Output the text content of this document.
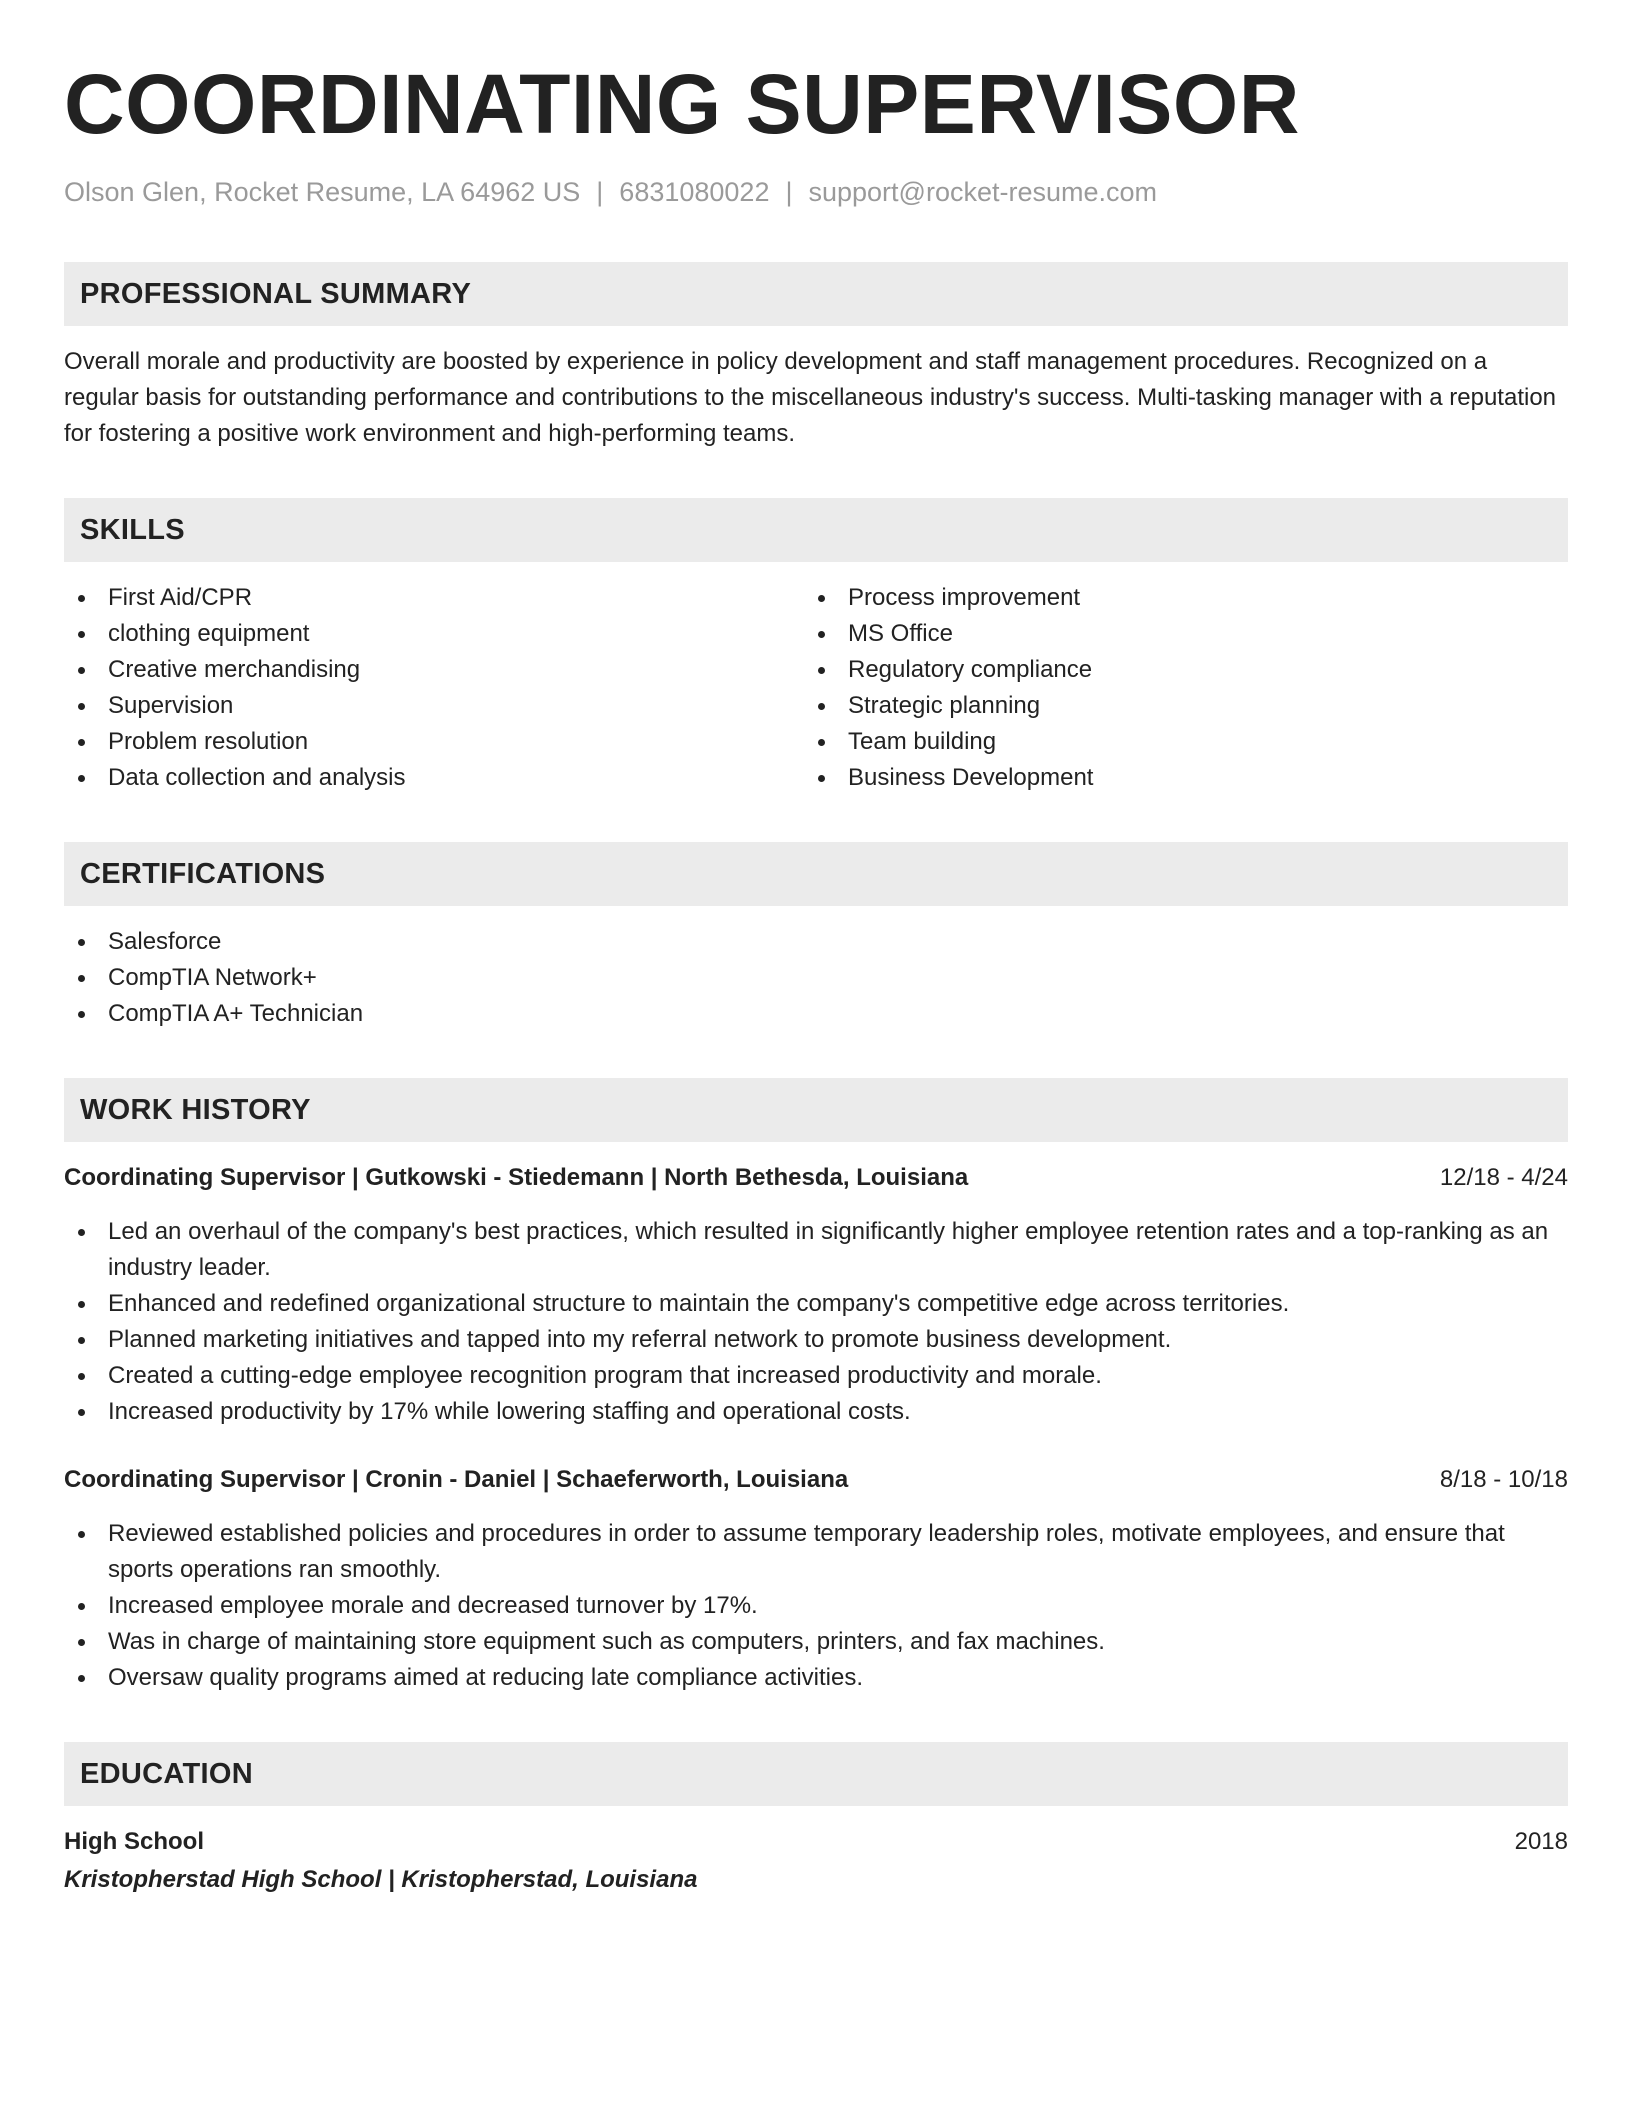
COORDINATING SUPERVISOR
Olson Glen, Rocket Resume, LA 64962 US | 6831080022 | support@rocket-resume.com
PROFESSIONAL SUMMARY

Overall morale and productivity are boosted by experience in policy development and staff management procedures. Recognized on a regular basis for outstanding performance and contributions to the miscellaneous industry's success. Multi-tasking manager with a reputation for fostering a positive work environment and high-performing teams.

SKILLS
First Aid/CPR
clothing equipment
Creative merchandising
Supervision
Problem resolution
Data collection and analysis
Process improvement
MS Office
Regulatory compliance
Strategic planning
Team building
Business Development
CERTIFICATIONS
Salesforce
CompTIA Network+
CompTIA A+ Technician
WORK HISTORY
Coordinating Supervisor | Gutkowski - Stiedemann | North Bethesda, Louisiana	12/18 - 4/24
Led an overhaul of the company's best practices, which resulted in significantly higher employee retention rates and a top-ranking as an industry leader.
Enhanced and redefined organizational structure to maintain the company's competitive edge across territories.
Planned marketing initiatives and tapped into my referral network to promote business development.
Created a cutting-edge employee recognition program that increased productivity and morale.
Increased productivity by 17% while lowering staffing and operational costs.
Coordinating Supervisor | Cronin - Daniel | Schaeferworth, Louisiana	8/18 - 10/18
Reviewed established policies and procedures in order to assume temporary leadership roles, motivate employees, and ensure that sports operations ran smoothly.
Increased employee morale and decreased turnover by 17%.
Was in charge of maintaining store equipment such as computers, printers, and fax machines.
Oversaw quality programs aimed at reducing late compliance activities.
EDUCATION
High School	2018
Kristopherstad High School | Kristopherstad, Louisiana
